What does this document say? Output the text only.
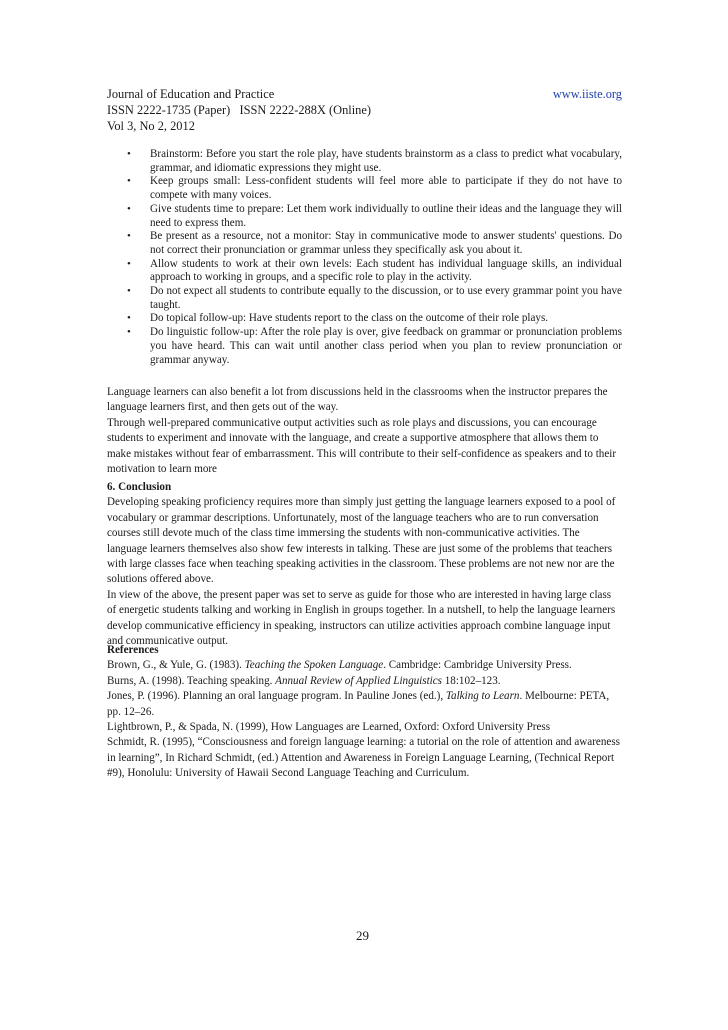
Journal of Education and Practice	www.iiste.org
ISSN 2222-1735 (Paper)   ISSN 2222-288X (Online)
Vol 3, No 2, 2012
• Brainstorm: Before you start the role play, have students brainstorm as a class to predict what vocabulary, grammar, and idiomatic expressions they might use.
• Keep groups small: Less-confident students will feel more able to participate if they do not have to compete with many voices.
• Give students time to prepare: Let them work individually to outline their ideas and the language they will need to express them.
• Be present as a resource, not a monitor: Stay in communicative mode to answer students' questions. Do not correct their pronunciation or grammar unless they specifically ask you about it.
• Allow students to work at their own levels: Each student has individual language skills, an individual approach to working in groups, and a specific role to play in the activity.
• Do not expect all students to contribute equally to the discussion, or to use every grammar point you have taught.
• Do topical follow-up: Have students report to the class on the outcome of their role plays.
• Do linguistic follow-up: After the role play is over, give feedback on grammar or pronunciation problems you have heard. This can wait until another class period when you plan to review pronunciation or grammar anyway.

Language learners can also benefit a lot from discussions held in the classrooms when the instructor prepares the language learners first, and then gets out of the way.

Through well-prepared communicative output activities such as role plays and discussions, you can encourage students to experiment and innovate with the language, and create a supportive atmosphere that allows them to make mistakes without fear of embarrassment. This will contribute to their self-confidence as speakers and to their motivation to learn more

6. Conclusion

Developing speaking proficiency requires more than simply just getting the language learners exposed to a pool of vocabulary or grammar descriptions. Unfortunately, most of the language teachers who are to run conversation courses still devote much of the class time immersing the students with non-communicative activities. The language learners themselves also show few interests in talking. These are just some of the problems that teachers with large classes face when teaching speaking activities in the classroom. These problems are not new nor are the solutions offered above.

In view of the above, the present paper was set to serve as guide for those who are interested in having large class of energetic students talking and working in English in groups together. In a nutshell, to help the language learners develop communicative efficiency in speaking, instructors can utilize activities approach combine language input and communicative output.

References

Brown, G., & Yule, G. (1983). Teaching the Spoken Language. Cambridge: Cambridge University Press.

Burns, A. (1998). Teaching speaking. Annual Review of Applied Linguistics 18:102–123.

Jones, P. (1996). Planning an oral language program. In Pauline Jones (ed.), Talking to Learn. Melbourne: PETA, pp. 12–26.

Lightbrown, P., & Spada, N. (1999), How Languages are Learned, Oxford: Oxford University Press

Schmidt, R. (1995), “Consciousness and foreign language learning: a tutorial on the role of attention and awareness in learning”, In Richard Schmidt, (ed.) Attention and Awareness in Foreign Language Learning, (Technical Report #9), Honolulu: University of Hawaii Second Language Teaching and Curriculum.

29
